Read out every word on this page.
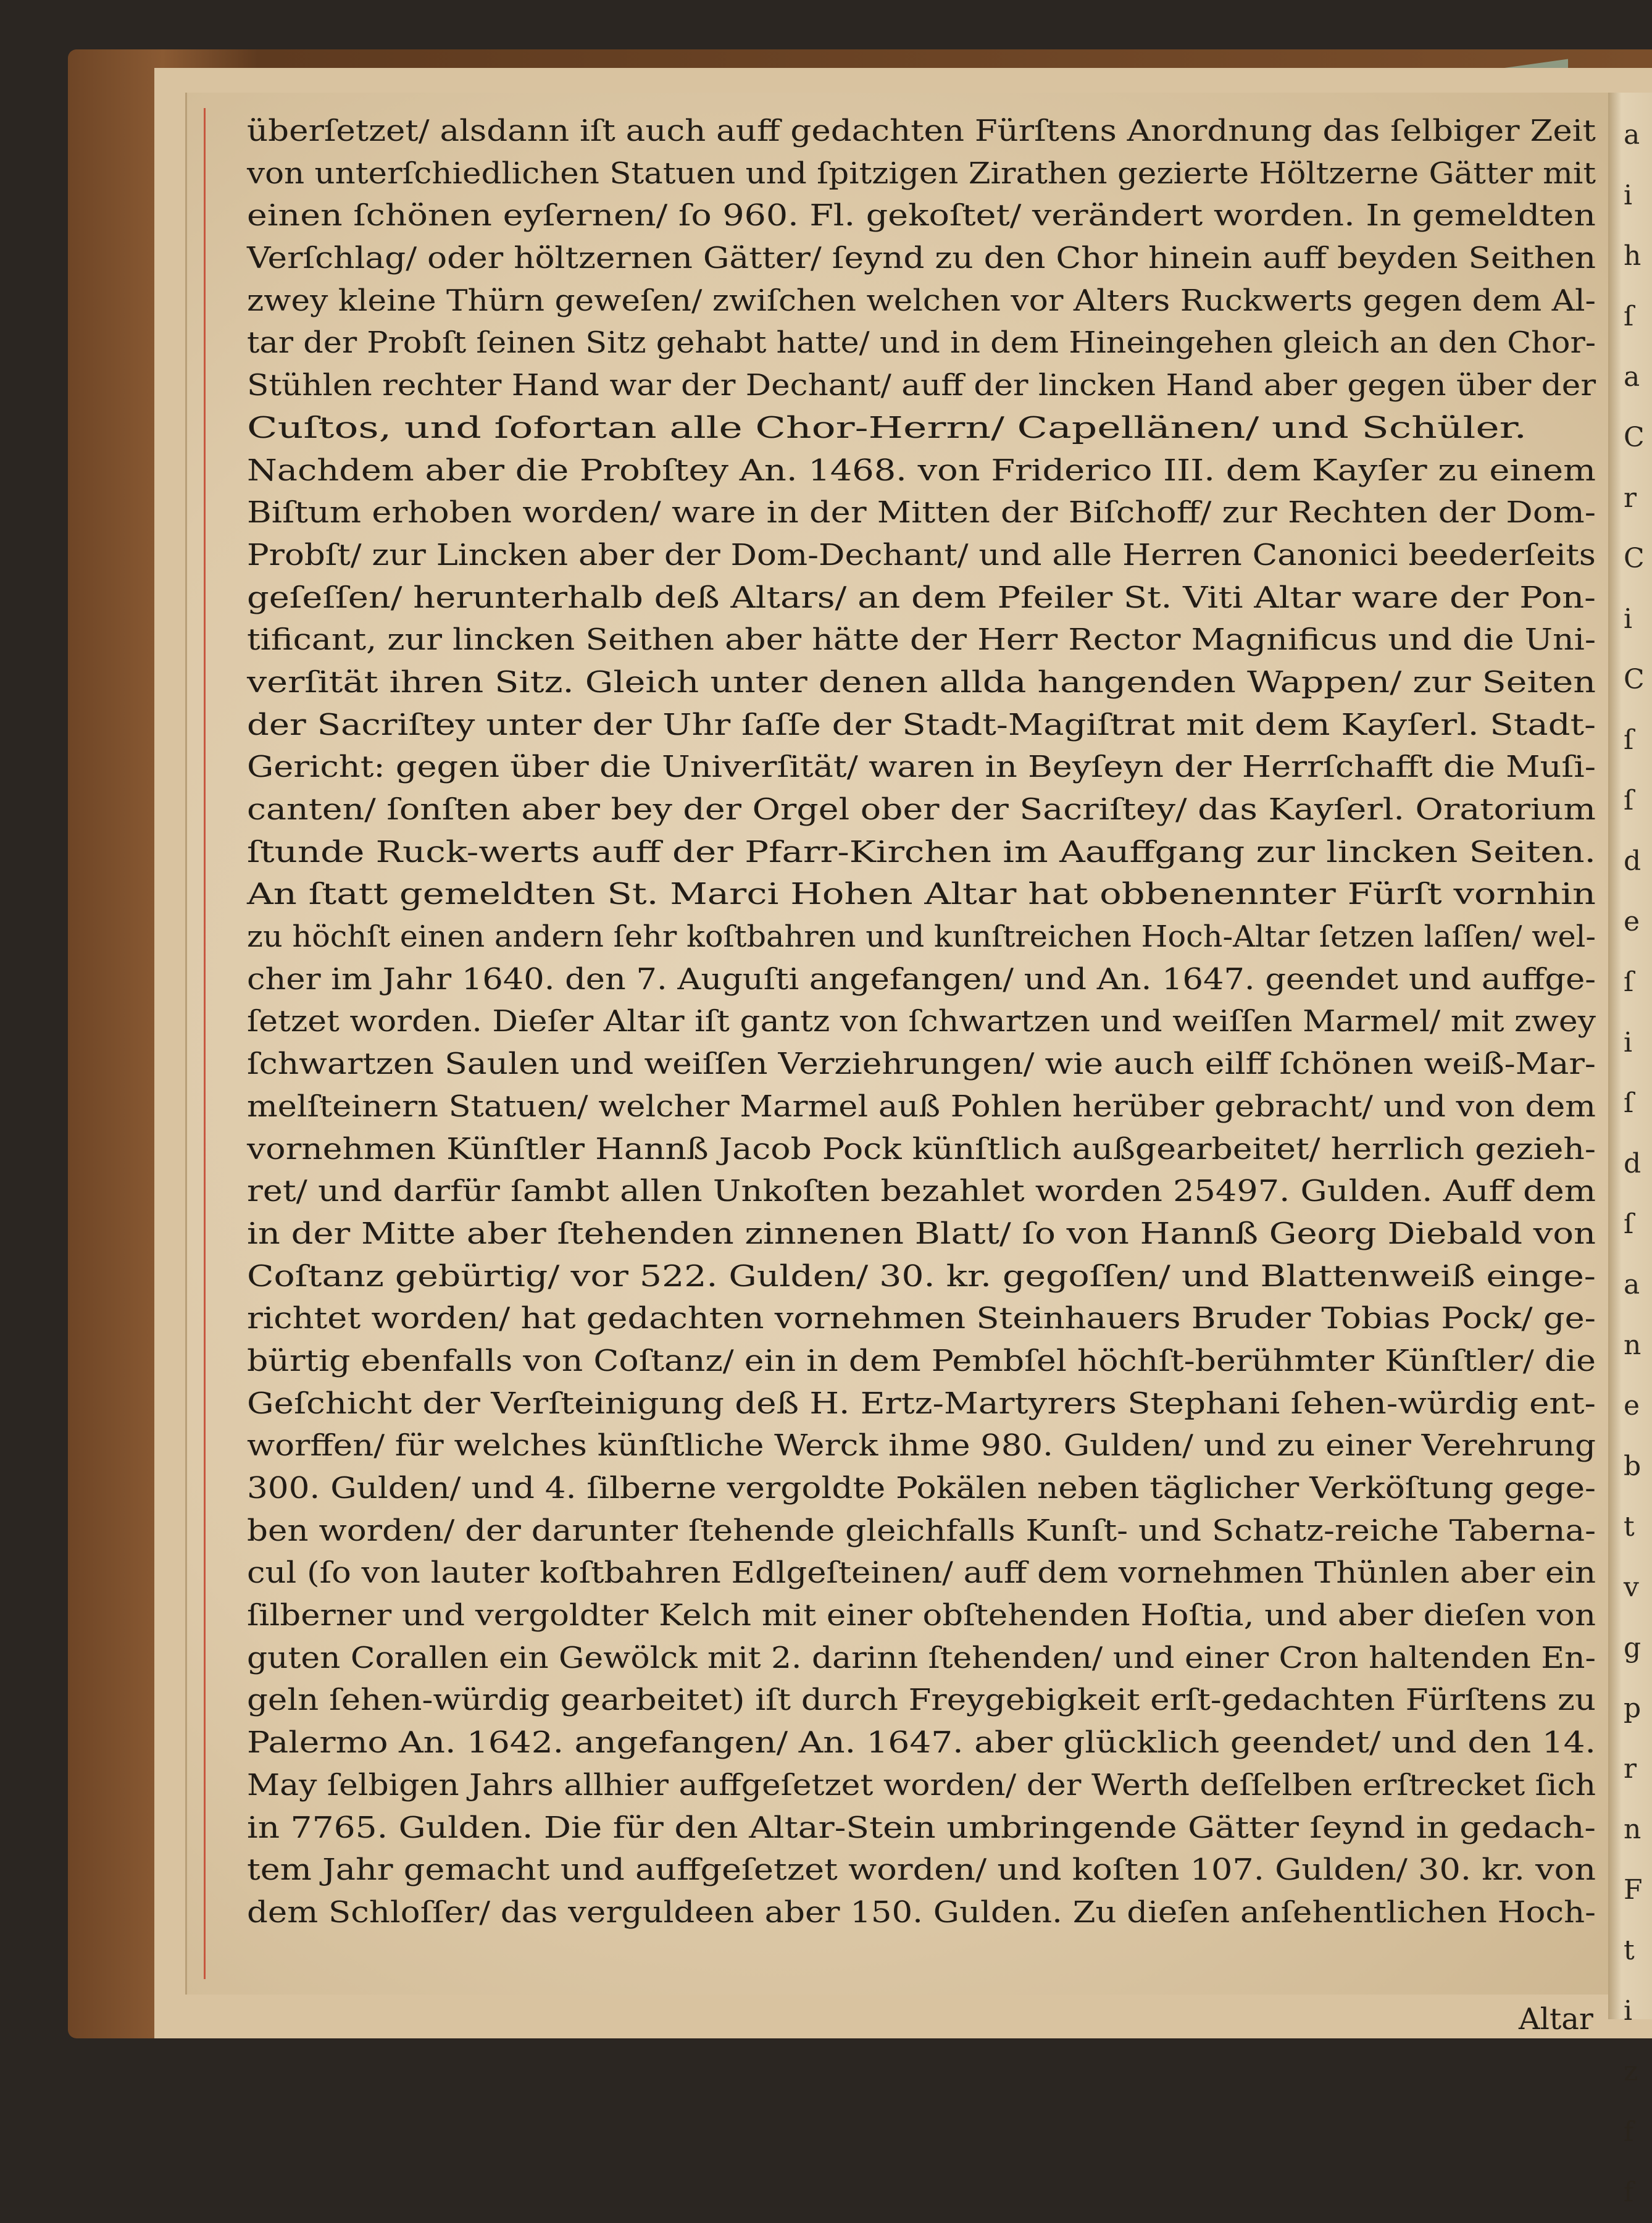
a
i
h
ſ
a
C
r
C
i
C
ſ
ſ
d
e
ſ
i
ſ
d
ſ
a
n
e
b
t
v
g
p
r
n
F
t
i
z
f
f
überſetzet/ alsdann iſt auch auff gedachten Fürſtens Anordnung das ſelbiger Zeit
von unterſchiedlichen Statuen und ſpitzigen Zirathen gezierte Höltzerne Gätter mit
einen ſchönen eyſernen/ ſo 960. Fl. gekoſtet/ verändert worden. In gemeldten
Verſchlag/ oder höltzernen Gätter/ ſeynd zu den Chor hinein auff beyden Seithen
zwey kleine Thürn geweſen/ zwiſchen welchen vor Alters Ruckwerts gegen dem Al-
tar der Probſt ſeinen Sitz gehabt hatte/ und in dem Hineingehen gleich an den Chor-
Stühlen rechter Hand war der Dechant/ auff der lincken Hand aber gegen über der
Cuſtos, und ſofortan alle Chor-Herrn/ Capellänen/ und Schüler.
Nachdem aber die Probſtey An. 1468. von Friderico III. dem Kayſer zu einem
Biſtum erhoben worden/ ware in der Mitten der Biſchoff/ zur Rechten der Dom-
Probſt/ zur Lincken aber der Dom-Dechant/ und alle Herren Canonici beederſeits
geſeſſen/ herunterhalb deß Altars/ an dem Pfeiler St. Viti Altar ware der Pon-
tificant, zur lincken Seithen aber hätte der Herr Rector Magnificus und die Uni-
verſität ihren Sitz. Gleich unter denen allda hangenden Wappen/ zur Seiten
der Sacriſtey unter der Uhr ſaſſe der Stadt-Magiſtrat mit dem Kayſerl. Stadt-
Gericht: gegen über die Univerſität/ waren in Beyſeyn der Herrſchafft die Muſi-
canten/ ſonſten aber bey der Orgel ober der Sacriſtey/ das Kayſerl. Oratorium
ſtunde Ruck-werts auff der Pfarr-Kirchen im Aauffgang zur lincken Seiten.
An ſtatt gemeldten St. Marci Hohen Altar hat obbenennter Fürſt vornhin
zu höchſt einen andern ſehr koſtbahren und kunſtreichen Hoch-Altar ſetzen laſſen/ wel-
cher im Jahr 1640. den 7. Auguſti angefangen/ und An. 1647. geendet und auffge-
ſetzet worden. Dieſer Altar iſt gantz von ſchwartzen und weiſſen Marmel/ mit zwey
ſchwartzen Saulen und weiſſen Verziehrungen/ wie auch eilff ſchönen weiß-Mar-
melſteinern Statuen/ welcher Marmel auß Pohlen herüber gebracht/ und von dem
vornehmen Künſtler Hannß Jacob Pock künſtlich außgearbeitet/ herrlich gezieh-
ret/ und darfür ſambt allen Unkoſten bezahlet worden 25497. Gulden. Auff dem
in der Mitte aber ſtehenden zinnenen Blatt/ ſo von Hannß Georg Diebald von
Coſtanz gebürtig/ vor 522. Gulden/ 30. kr. gegoſſen/ und Blattenweiß einge-
richtet worden/ hat gedachten vornehmen Steinhauers Bruder Tobias Pock/ ge-
bürtig ebenfalls von Coſtanz/ ein in dem Pembſel höchſt-berühmter Künſtler/ die
Geſchicht der Verſteinigung deß H. Ertz-Martyrers Stephani ſehen-würdig ent-
worffen/ für welches künſtliche Werck ihme 980. Gulden/ und zu einer Verehrung
300. Gulden/ und 4. ſilberne vergoldte Pokälen neben täglicher Verköſtung gege-
ben worden/ der darunter ſtehende gleichfalls Kunſt- und Schatz-reiche Taberna-
cul (ſo von lauter koſtbahren Edlgeſteinen/ auff dem vornehmen Thünlen aber ein
ſilberner und vergoldter Kelch mit einer obſtehenden Hoſtia, und aber dieſen von
guten Corallen ein Gewölck mit 2. darinn ſtehenden/ und einer Cron haltenden En-
geln ſehen-würdig gearbeitet) iſt durch Freygebigkeit erſt-gedachten Fürſtens zu
Palermo An. 1642. angefangen/ An. 1647. aber glücklich geendet/ und den 14.
May ſelbigen Jahrs allhier auffgeſetzet worden/ der Werth deſſelben erſtrecket ſich
in 7765. Gulden. Die für den Altar-Stein umbringende Gätter ſeynd in gedach-
tem Jahr gemacht und auffgeſetzet worden/ und koſten 107. Gulden/ 30. kr. von
dem Schloſſer/ das verguldeen aber 150. Gulden. Zu dieſen anſehentlichen Hoch-
Altar
